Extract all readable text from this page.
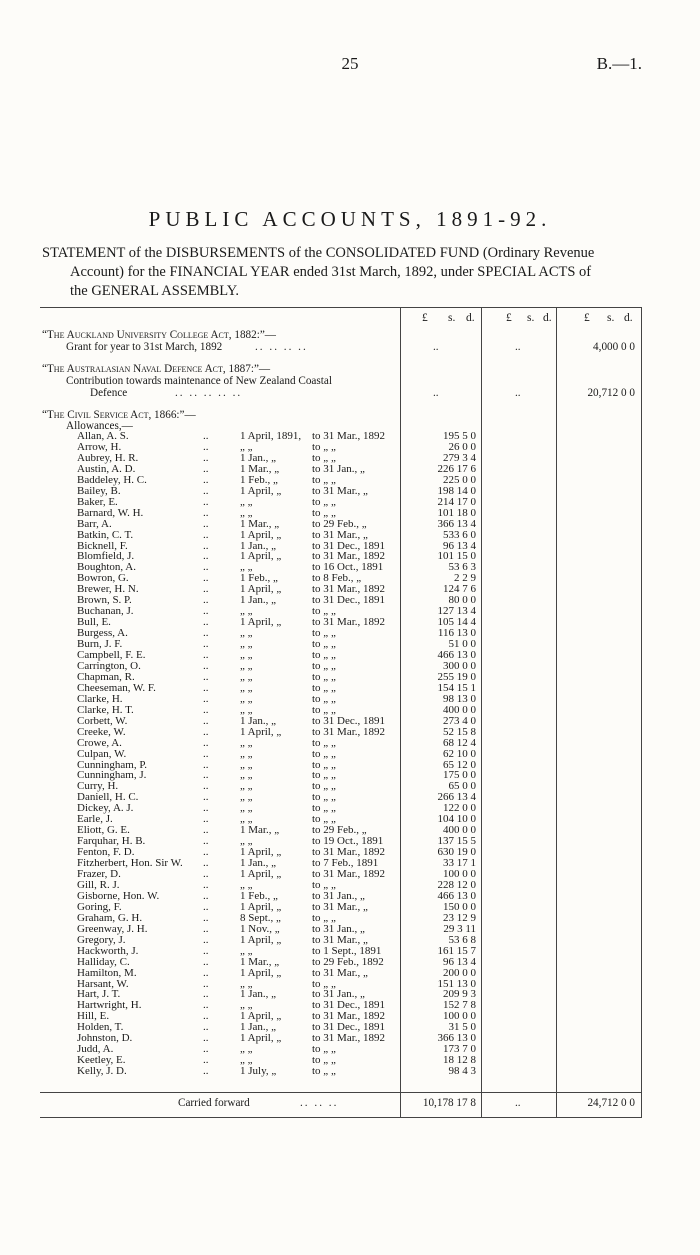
25	B.—1.
PUBLIC ACCOUNTS, 1891-92.
STATEMENT of the DISBURSEMENTS of the CONSOLIDATED FUND (Ordinary Revenue
Account) for the FINANCIAL YEAR ended 31st March, 1892, under SPECIAL ACTS of
the GENERAL ASSEMBLY.
£ s. d.	£ s. d.	£ s. d.
“The Auckland University College Act, 1882:”—
Grant for year to 31st March, 1892	.. .. .. ..	..	..	4,000 0 0
“The Australasian Naval Defence Act, 1887:”—
Contribution towards maintenance of New Zealand Coastal
Defence	.. .. .. .. ..	..	..	20,712 0 0
“The Civil Service Act, 1866:”—
Allowances,—
Allan, A. S.	..	1 April, 1891, to 31 Mar., 1892	195 5 0
Arrow, H.	..	„ „	to „ „	26 0 0
Aubrey, H. R.	..	1 Jan., „	to „ „	279 3 4
Austin, A. D.	..	1 Mar., „	to 31 Jan., „	226 17 6
Baddeley, H. C.	..	1 Feb., „	to „ „	225 0 0
Bailey, B.	..	1 April, „	to 31 Mar., „	198 14 0
Baker, E.	..	„ „	to „ „	214 17 0
Barnard, W. H.	..	„ „	to „ „	101 18 0
Barr, A.	..	1 Mar., „	to 29 Feb., „	366 13 4
Batkin, C. T.	..	1 April, „	to 31 Mar., „	533 6 0
Bicknell, F.	..	1 Jan., „	to 31 Dec., 1891	96 13 4
Blomfield, J.	..	1 April, „	to 31 Mar., 1892	101 15 0
Boughton, A.	..	„ „	to 16 Oct., 1891	53 6 3
Bowron, G.	..	1 Feb., „	to 8 Feb., „	2 2 9
Brewer, H. N.	..	1 April, „	to 31 Mar., 1892	124 7 6
Brown, S. P.	..	1 Jan., „	to 31 Dec., 1891	80 0 0
Buchanan, J.	..	„ „	to „ „	127 13 4
Bull, E.	..	1 April, „	to 31 Mar., 1892	105 14 4
Burgess, A.	..	„ „	to „ „	116 13 0
Burn, J. F.	..	„ „	to „ „	51 0 0
Campbell, F. E.	..	„ „	to „ „	466 13 0
Carrington, O.	..	„ „	to „ „	300 0 0
Chapman, R.	..	„ „	to „ „	255 19 0
Cheeseman, W. F.	..	„ „	to „ „	154 15 1
Clarke, H.	..	„ „	to „ „	98 13 0
Clarke, H. T.	..	„ „	to „ „	400 0 0
Corbett, W.	..	1 Jan., „	to 31 Dec., 1891	273 4 0
Creeke, W.	..	1 April, „	to 31 Mar., 1892	52 15 8
Crowe, A.	..	„ „	to „ „	68 12 4
Culpan, W.	..	„ „	to „ „	62 10 0
Cunningham, P.	..	„ „	to „ „	65 12 0
Cunningham, J.	..	„ „	to „ „	175 0 0
Curry, H.	..	„ „	to „ „	65 0 0
Daniell, H. C.	..	„ „	to „ „	266 13 4
Dickey, A. J.	..	„ „	to „ „	122 0 0
Earle, J.	..	„ „	to „ „	104 10 0
Eliott, G. E.	..	1 Mar., „	to 29 Feb., „	400 0 0
Farquhar, H. B.	..	„ „	to 19 Oct., 1891	137 15 5
Fenton, F. D.	..	1 April, „	to 31 Mar., 1892	630 19 0
Fitzherbert, Hon. Sir W. ..	1 Jan., „	to 7 Feb., 1891	33 17 1
Frazer, D.	..	1 April, „	to 31 Mar., 1892	100 0 0
Gill, R. J.	..	„ „	to „ „	228 12 0
Gisborne, Hon. W.	..	1 Feb., „	to 31 Jan., „	466 13 0
Goring, F.	..	1 April, „	to 31 Mar., „	150 0 0
Graham, G. H.	..	8 Sept., „	to „ „	23 12 9
Greenway, J. H.	..	1 Nov., „	to 31 Jan., „	29 3 11
Gregory, J.	..	1 April, „	to 31 Mar., „	53 6 8
Hackworth, J.	..	„ „	to 1 Sept., 1891	161 15 7
Halliday, C.	..	1 Mar., „	to 29 Feb., 1892	96 13 4
Hamilton, M.	..	1 April, „	to 31 Mar., „	200 0 0
Harsant, W.	..	„ „	to „ „	151 13 0
Hart, J. T.	..	1 Jan., „	to 31 Jan., „	209 9 3
Hartwright, H.	..	„ „	to 31 Dec., 1891	152 7 8
Hill, E.	..	1 April, „	to 31 Mar., 1892	100 0 0
Holden, T.	..	1 Jan., „	to 31 Dec., 1891	31 5 0
Johnston, D.	..	1 April, „	to 31 Mar., 1892	366 13 0
Judd, A.	..	„ „	to „ „	173 7 0
Keetley, E.	..	„ „	to „ „	18 12 8
Kelly, J. D.	..	1 July, „	to „ „	98 4 3
Carried forward	.. .. ..	10,178 17 8	..	24,712 0 0
